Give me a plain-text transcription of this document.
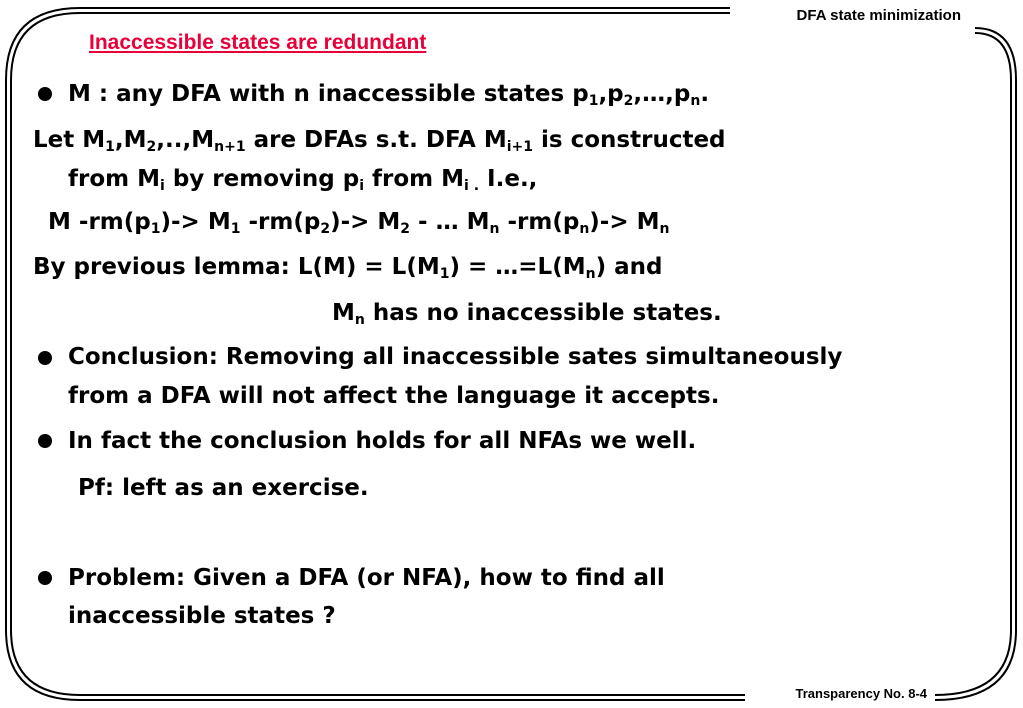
DFA state minimization
Inaccessible states are redundant
M : any DFA with n inaccessible states $p_1,p_2,\dots,p_n$.
Let $M_1,M_2,..,M_{n+1}$ are DFAs s.t. DFA $M_{i+1}$ is constructed
from $M_i$ by removing $p_i$ from $M_{i .}$ I.e.,
M $-rm(p_1)-> M_1$ $-rm(p_2)-> M_2$ - … $M_n$ $-rm(p_n)-> M_n$
By previous lemma: $L(M) = L(M_1)$ = $\dots=L(M_n)$ and
$M_n$ has no inaccessible states.
Conclusion: Removing all inaccessible sates simultaneously
from a DFA will not affect the language it accepts.
In fact the conclusion holds for all NFAs we well.
Pf: left as an exercise.
Problem: Given a DFA (or NFA), how to find all
inaccessible states ?
Transparency No. 8-4
